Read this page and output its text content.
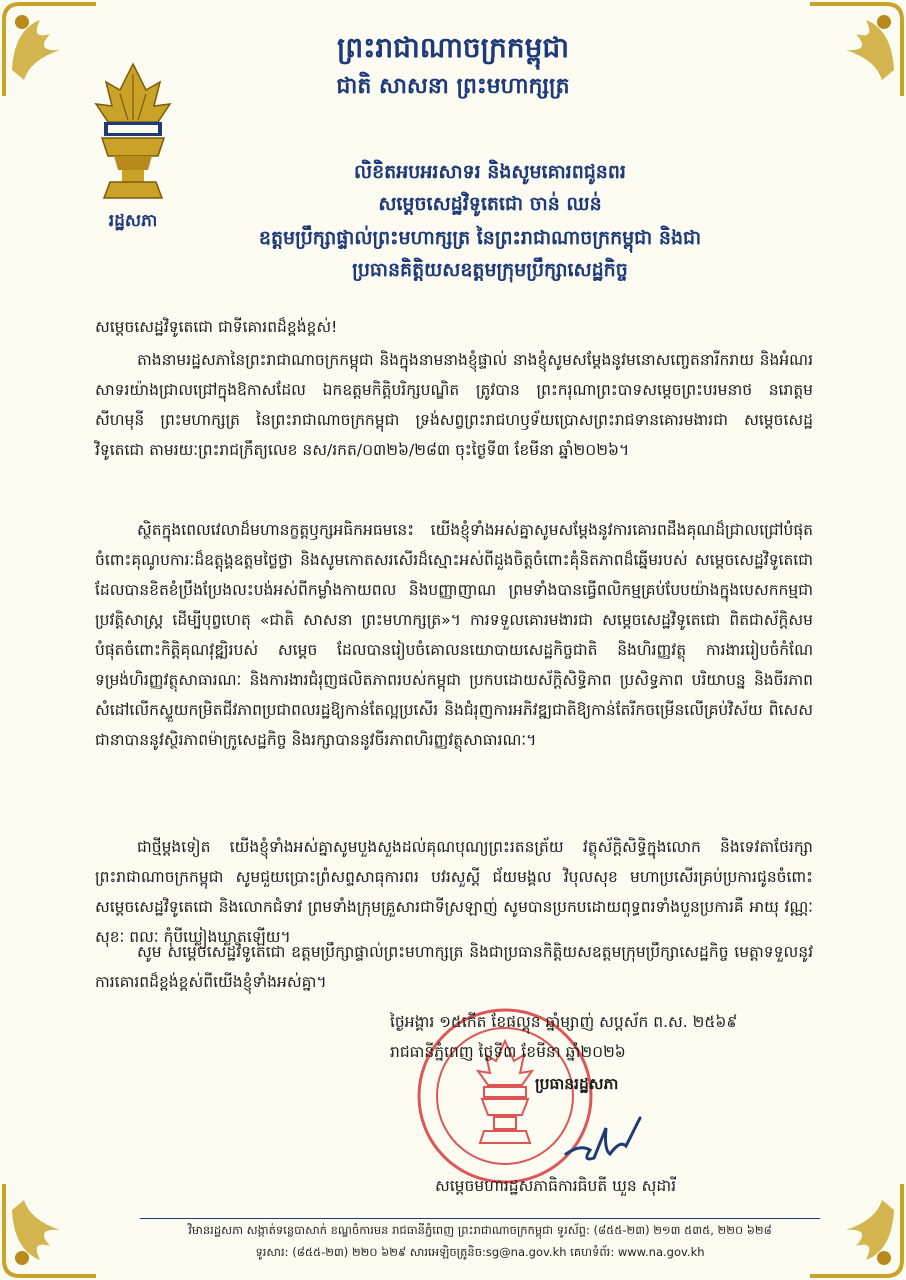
រដ្ឋសភា
ព្រះរាជាណាចក្រកម្ពុជា
ជាតិ សាសនា ព្រះមហាក្សត្រ
លិខិតអបអរសាទរ និងសូមគោរពជូនពរ
សម្ដេចសេដ្ឋវិទូតេជោ ចាន់ ឈន់
ឧត្តមប្រឹក្សាផ្ទាល់ព្រះមហាក្សត្រ នៃព្រះរាជាណាចក្រកម្ពុជា និងជា
ប្រធានគិត្តិយសឧត្តមក្រុមប្រឹក្សាសេដ្ឋកិច្ច
សម្ដេចសេដ្ឋវិទូតេជោ ជាទីគោរពដ៏ខ្ពង់ខ្ពស់!

តាងនាមរដ្ឋសភានៃព្រះរាជាណាចក្រកម្ពុជា និងក្នុងនាមនាងខ្ញុំផ្ទាល់ នាងខ្ញុំសូមសម្ដែងនូវមនោសញ្ចេតនារីករាយ និងអំណរសាទរយ៉ាងជ្រាលជ្រៅក្នុងឱកាសដែល ឯកឧត្តមកិត្តិបរិក្សបណ្ឌិត ត្រូវបាន ព្រះករុណាព្រះបាទសម្ដេចព្រះបរមនាថ នរោត្តម សីហមុនី ព្រះមហាក្សត្រ នៃព្រះរាជាណាចក្រកម្ពុជា ទ្រង់សព្វព្រះរាជហឫទ័យប្រោសព្រះរាជទានគោរមងារជា សម្ដេចសេដ្ឋវិទូតេជោ តាមរយៈព្រះរាជក្រឹត្យលេខ នស/រកត/០៣២៦/២៨៣ ចុះថ្ងៃទី៣ ខែមីនា ឆ្នាំ២០២៦។

ស្ថិតក្នុងពេលវេលាដ៏មហានក្ខត្តឫក្សអធិកអធមនេះ យើងខ្ញុំទាំងអស់គ្នាសូមសម្ដែងនូវការគោរពដឹងគុណដ៏ជ្រាលជ្រៅបំផុតចំពោះគុណូបការៈដ៏ឧត្តុង្គឧត្តមថ្លៃថ្លា និងសូមកោតសរសើរដ៏ស្មោះអស់ពីដួងចិត្តចំពោះគុំនិតភាពដ៏ឆ្នើមរបស់ សម្ដេចសេដ្ឋវិទូតេជោ ដែលបានខិតខំប្រឹងប្រែងលះបង់អស់ពីកម្លាំងកាយពល និងបញ្ញាញាណ ព្រមទាំងបានធ្វើពលិកម្មគ្រប់បែបយ៉ាងក្នុងបេសកកម្មជាប្រវត្តិសាស្ត្រ ដើម្បីបុព្វហេតុ «ជាតិ សាសនា ព្រះមហាក្សត្រ»។ ការទទួលគោរមងារជា សម្ដេចសេដ្ឋវិទូតេជោ ពិតជាស័ក្ដិសមបំផុតចំពោះកិត្តិគុណវុឌ្ឍិរបស់ សម្ដេច ដែលបានរៀបចំគោលនយោបាយសេដ្ឋកិច្ចជាតិ និងហិរញ្ញវត្ថុ ការងាររៀបចំកំណែទម្រង់ហិរញ្ញវត្ថុសាធារណៈ និងការងារជំរុញផលិតភាពរបស់កម្ពុជា ប្រកបដោយស័ក្ដិសិទ្ធិភាព ប្រសិទ្ធភាព បរិយាបន្ន និងចីរភាព សំដៅលើកស្ទួយកម្រិតជីវភាពប្រជាពលរដ្ឋឱ្យកាន់តែល្អប្រសើរ និងជំរុញការអភិវឌ្ឍជាតិឱ្យកាន់តែរីកចម្រើនលើគ្រប់វិស័យ ពិសេសជានាបាននូវស្ថិរភាពម៉ាក្រូសេដ្ឋកិច្ច និងរក្សាបាននូវចីរភាពហិរញ្ញវត្ថុសាធារណៈ។

ជាថ្មីម្ដងទៀត យើងខ្ញុំទាំងអស់គ្នាសូមបួងសួងដល់គុណបុណ្យព្រះរតនត្រ័យ វត្ថុស័ក្ដិសិទ្ធិក្នុងលោក និងទេវតាថែរក្សាព្រះរាជាណាចក្រកម្ពុជា សូមជួយប្រោះព្រំសព្ទសាធុការពរ បវរសួស្ដី ជ័យមង្គល វិបុលសុខ មហាប្រសើរគ្រប់ប្រការជូនចំពោះ សម្ដេចសេដ្ឋវិទូតេជោ និងលោកជំទាវ ព្រមទាំងក្រុមគ្រួសារជាទីស្រឡាញ់ សូមបានប្រកបដោយពុទ្ធពរទាំងបួនប្រការគឺ អាយុ វណ្ណៈ សុខៈ ពលៈ កុំបីឃ្លៀងឃ្លាតឡើយ។

សូម សម្ដេចសេដ្ឋវិទូតេជោ ឧត្តមប្រឹក្សាផ្ទាល់ព្រះមហាក្សត្រ និងជាប្រធានកិត្តិយសឧត្តមក្រុមប្រឹក្សាសេដ្ឋកិច្ច មេត្តាទទួលនូវការគោរពដ៏ខ្ពង់ខ្ពស់ពីយើងខ្ញុំទាំងអស់គ្នា។

ថ្ងៃអង្គារ ១៥កើត ខែផល្គុន ឆ្នាំម្សាញ់ សប្តស័ក ព.ស. ២៥៦៩
រាជធានីភ្នំពេញ ថ្ងៃទី៣ ខែមីនា ឆ្នាំ២០២៦
ប្រធានរដ្ឋសភា
សម្ដេចមហារដ្ឋសភាធិការធិបតី ឃួន សុដារី
វិមានរដ្ឋសភា សង្កាត់ទន្លេបាសាក់ ខណ្ឌចំការមន រាជធានីភ្នំពេញ ព្រះរាជាណាចក្រកម្ពុជា ទូរស័ព្ទ: (៨៥៥-២៣) ២១៣ ៥៣៥, ២២០ ៦២៨
ទូរសារ: (៨៥៥-២៣) ២២០ ៦២៩ សារអេឡិចត្រូនិច:sg@na.gov.kh គេហទំព័រ: www.na.gov.kh
